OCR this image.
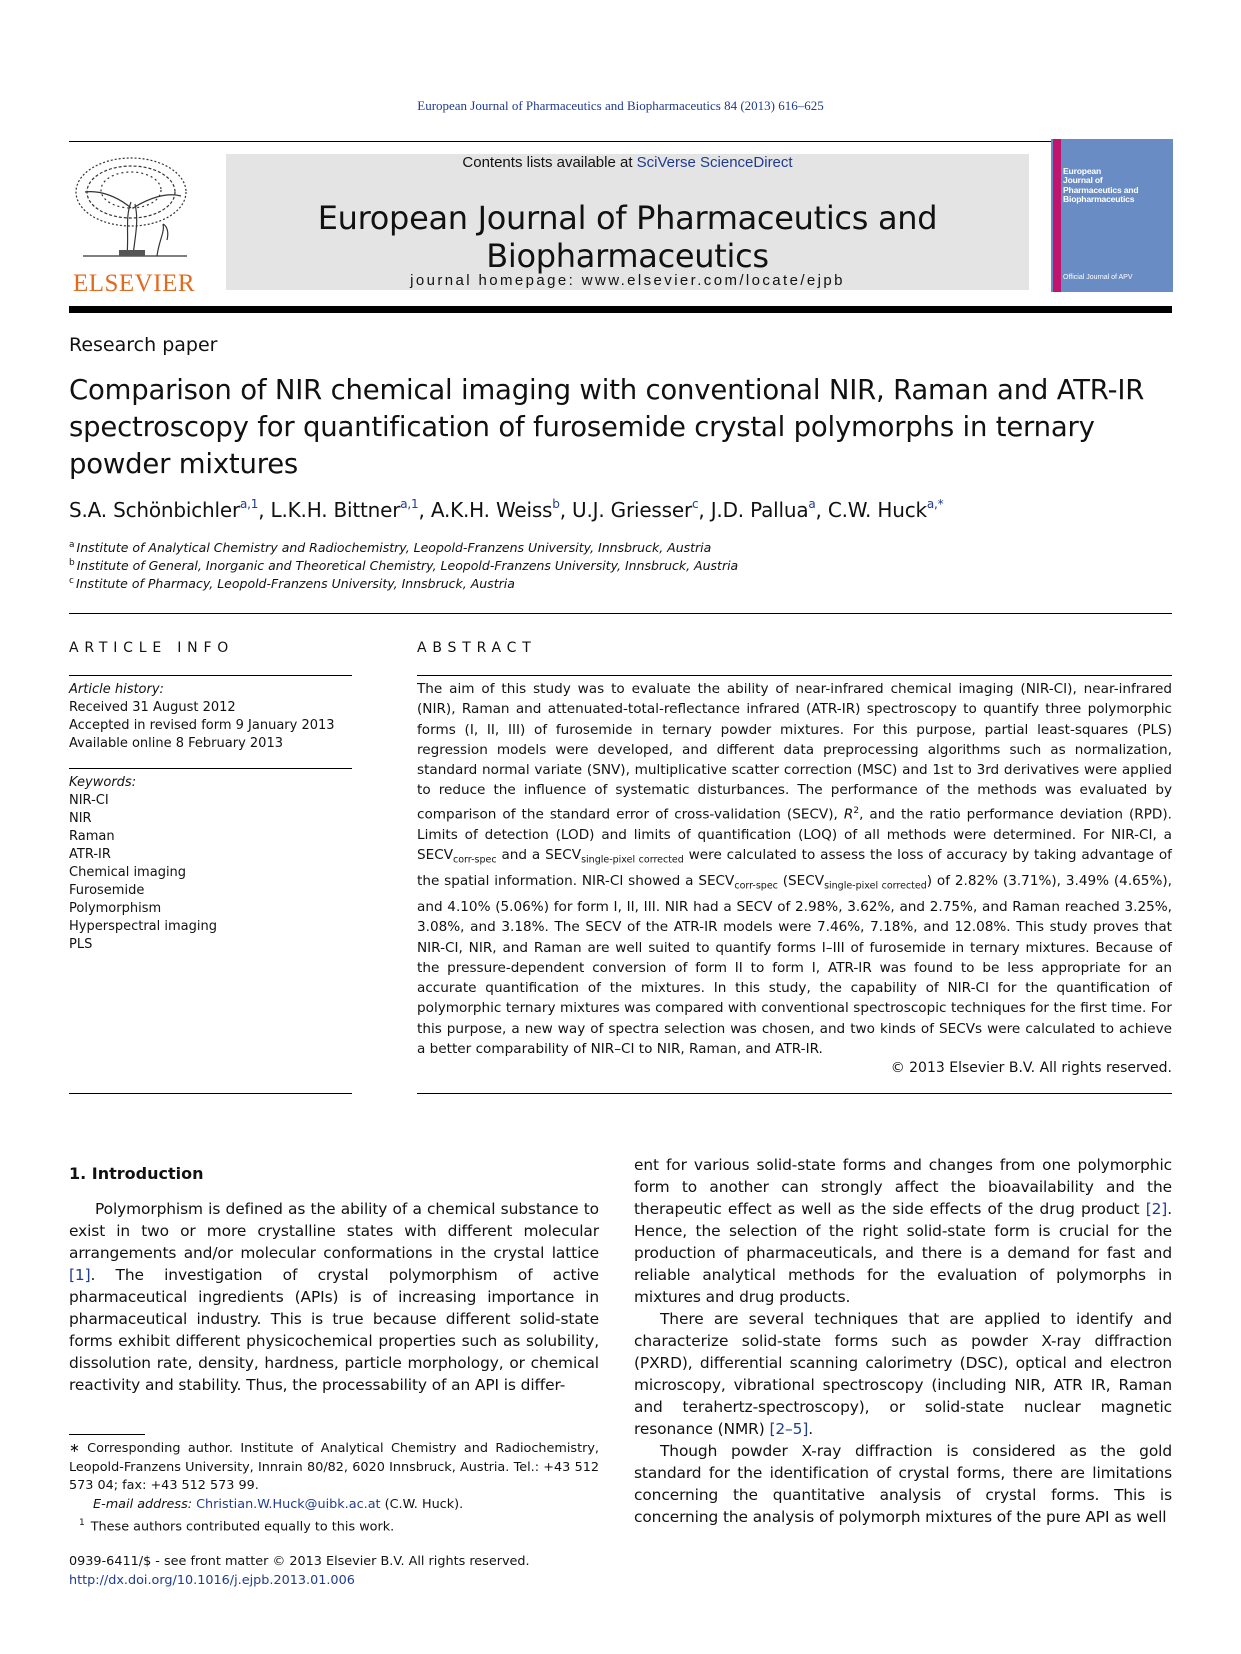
European Journal of Pharmaceutics and Biopharmaceutics 84 (2013) 616–625
ELSEVIER
Contents lists available at SciVerse ScienceDirect
European Journal of Pharmaceutics and Biopharmaceutics
journal homepage: www.elsevier.com/locate/ejpb
European
Journal of
Pharmaceutics and
Biopharmaceutics
Official Journal of APV
Research paper
Comparison of NIR chemical imaging with conventional NIR, Raman and ATR-IR spectroscopy for quantification of furosemide crystal polymorphs in ternary powder mixtures
S.A. Schönbichler$^{a,1}$, L.K.H. Bittner$^{a,1}$, A.K.H. Weiss$^b$, U.J. Griesser$^c$, J.D. Pallua$^a$, C.W. Huck$^{a,*}$
$^a$ Institute of Analytical Chemistry and Radiochemistry, Leopold-Franzens University, Innsbruck, Austria
$^b$ Institute of General, Inorganic and Theoretical Chemistry, Leopold-Franzens University, Innsbruck, Austria
$^c$ Institute of Pharmacy, Leopold-Franzens University, Innsbruck, Austria
ARTICLE INFO
Article history:
Received 31 August 2012
Accepted in revised form 9 January 2013
Available online 8 February 2013
Keywords:
NIR-CI
NIR
Raman
ATR-IR
Chemical imaging
Furosemide
Polymorphism
Hyperspectral imaging
PLS
ABSTRACT
The aim of this study was to evaluate the ability of near-infrared chemical imaging (NIR-CI), near-infrared (NIR), Raman and attenuated-total-reflectance infrared (ATR-IR) spectroscopy to quantify three polymorphic forms (I, II, III) of furosemide in ternary powder mixtures. For this purpose, partial least-squares (PLS) regression models were developed, and different data preprocessing algorithms such as normalization, standard normal variate (SNV), multiplicative scatter correction (MSC) and 1st to 3rd derivatives were applied to reduce the influence of systematic disturbances. The performance of the methods was evaluated by comparison of the standard error of cross-validation (SECV), $R^2$, and the ratio performance deviation (RPD). Limits of detection (LOD) and limits of quantification (LOQ) of all methods were determined. For NIR-CI, a $SECV_{corr-spec}$ and a $SECV_{single-pixel corrected}$ were calculated to assess the loss of accuracy by taking advantage of the spatial information. NIR-CI showed a $SECV_{corr-spec}$ $(SECV_{single-pixel corrected})$ of 2.82% (3.71%), 3.49% (4.65%), and 4.10% (5.06%) for form I, II, III. NIR had a SECV of 2.98%, 3.62%, and 2.75%, and Raman reached 3.25%, 3.08%, and 3.18%. The SECV of the ATR-IR models were 7.46%, 7.18%, and 12.08%. This study proves that NIR-CI, NIR, and Raman are well suited to quantify forms I–III of furosemide in ternary mixtures. Because of the pressure-dependent conversion of form II to form I, ATR-IR was found to be less appropriate for an accurate quantification of the mixtures. In this study, the capability of NIR-CI for the quantification of polymorphic ternary mixtures was compared with conventional spectroscopic techniques for the first time. For this purpose, a new way of spectra selection was chosen, and two kinds of SECVs were calculated to achieve a better comparability of NIR–CI to NIR, Raman, and ATR-IR.
© 2013 Elsevier B.V. All rights reserved.
1. Introduction

Polymorphism is defined as the ability of a chemical substance to exist in two or more crystalline states with different molecular arrangements and/or molecular conformations in the crystal lattice [1]. The investigation of crystal polymorphism of active pharmaceutical ingredients (APIs) is of increasing importance in pharmaceutical industry. This is true because different solid-state forms exhibit different physicochemical properties such as solubility, dissolution rate, density, hardness, particle morphology, or chemical reactivity and stability. Thus, the processability of an API is differ-

ent for various solid-state forms and changes from one polymorphic form to another can strongly affect the bioavailability and the therapeutic effect as well as the side effects of the drug product [2]. Hence, the selection of the right solid-state form is crucial for the production of pharmaceuticals, and there is a demand for fast and reliable analytical methods for the evaluation of polymorphs in mixtures and drug products.

There are several techniques that are applied to identify and characterize solid-state forms such as powder X-ray diffraction (PXRD), differential scanning calorimetry (DSC), optical and electron microscopy, vibrational spectroscopy (including NIR, ATR IR, Raman and terahertz-spectroscopy), or solid-state nuclear magnetic resonance (NMR) [2–5].

Though powder X-ray diffraction is considered as the gold standard for the identification of crystal forms, there are limitations concerning the quantitative analysis of crystal forms. This is concerning the analysis of polymorph mixtures of the pure API as well

∗ Corresponding author. Institute of Analytical Chemistry and Radiochemistry, Leopold-Franzens University, Innrain 80/82, 6020 Innsbruck, Austria. Tel.: +43 512 573 04; fax: +43 512 573 99.

E-mail address: Christian.W.Huck@uibk.ac.at (C.W. Huck).

$^1$ These authors contributed equally to this work.

0939-6411/$ - see front matter © 2013 Elsevier B.V. All rights reserved.
http://dx.doi.org/10.1016/j.ejpb.2013.01.006
